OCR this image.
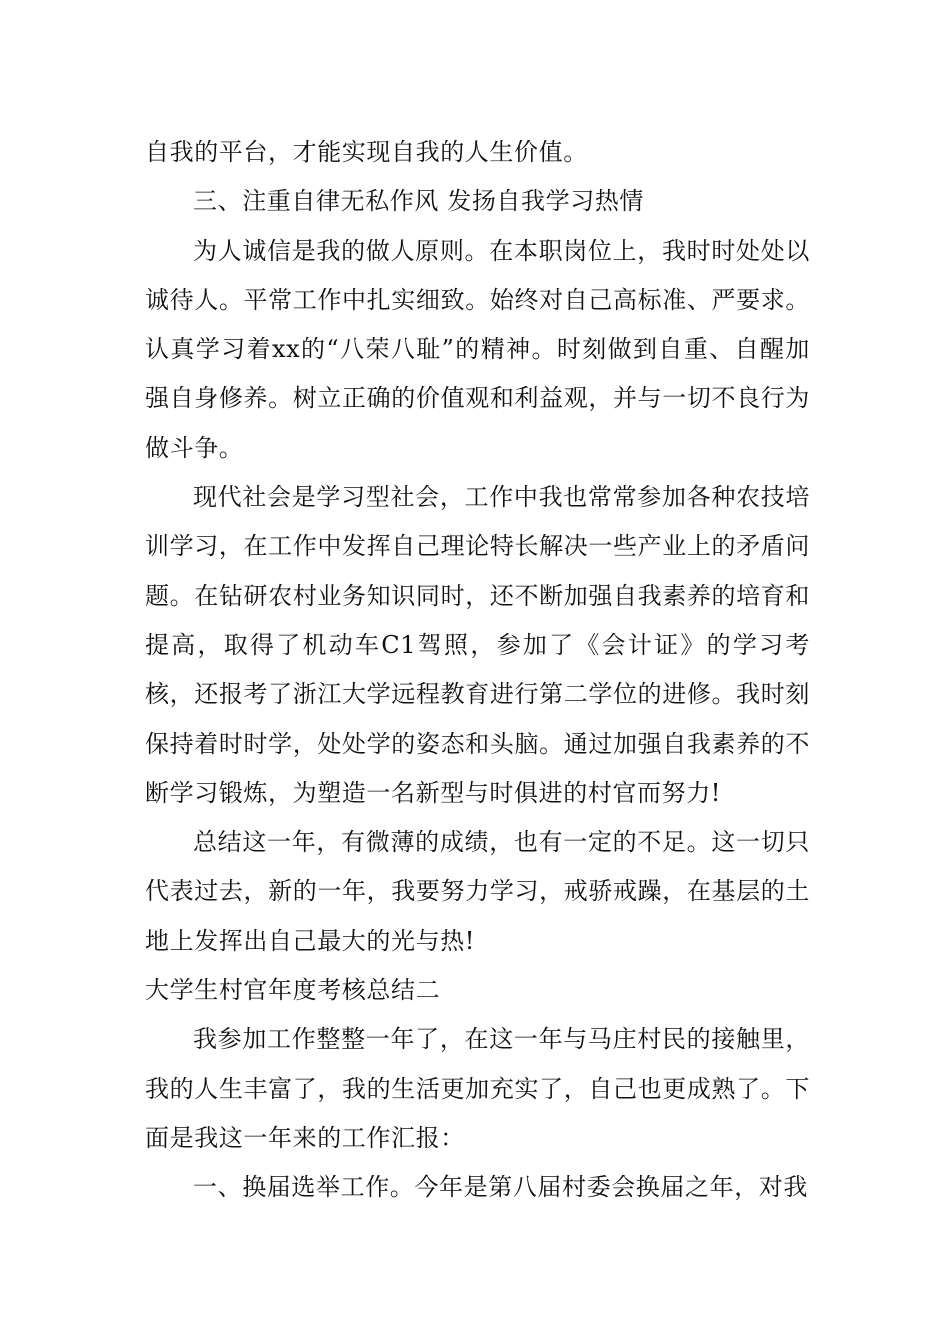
自我的平台，才能实现自我的人生价值。

三、注重自律无私作风 发扬自我学习热情

为人诚信是我的做人原则。在本职岗位上，我时时处处以诚待人。平常工作中扎实细致。始终对自己高标准、严要求。认真学习着xx的“八荣八耻”的精神。时刻做到自重、自醒加强自身修养。树立正确的价值观和利益观，并与一切不良行为做斗争。

现代社会是学习型社会，工作中我也常常参加各种农技培训学习，在工作中发挥自己理论特长解决一些产业上的矛盾问题。在钻研农村业务知识同时，还不断加强自我素养的培育和提高，取得了机动车C1驾照，参加了《会计证》的学习考核，还报考了浙江大学远程教育进行第二学位的进修。我时刻保持着时时学，处处学的姿态和头脑。通过加强自我素养的不断学习锻炼，为塑造一名新型与时俱进的村官而努力!

总结这一年，有微薄的成绩，也有一定的不足。这一切只代表过去，新的一年，我要努力学习，戒骄戒躁，在基层的土地上发挥出自己最大的光与热!

大学生村官年度考核总结二

我参加工作整整一年了，在这一年与马庄村民的接触里，我的人生丰富了，我的生活更加充实了，自己也更成熟了。下面是我这一年来的工作汇报：

一、换届选举工作。今年是第八届村委会换届之年，对我
